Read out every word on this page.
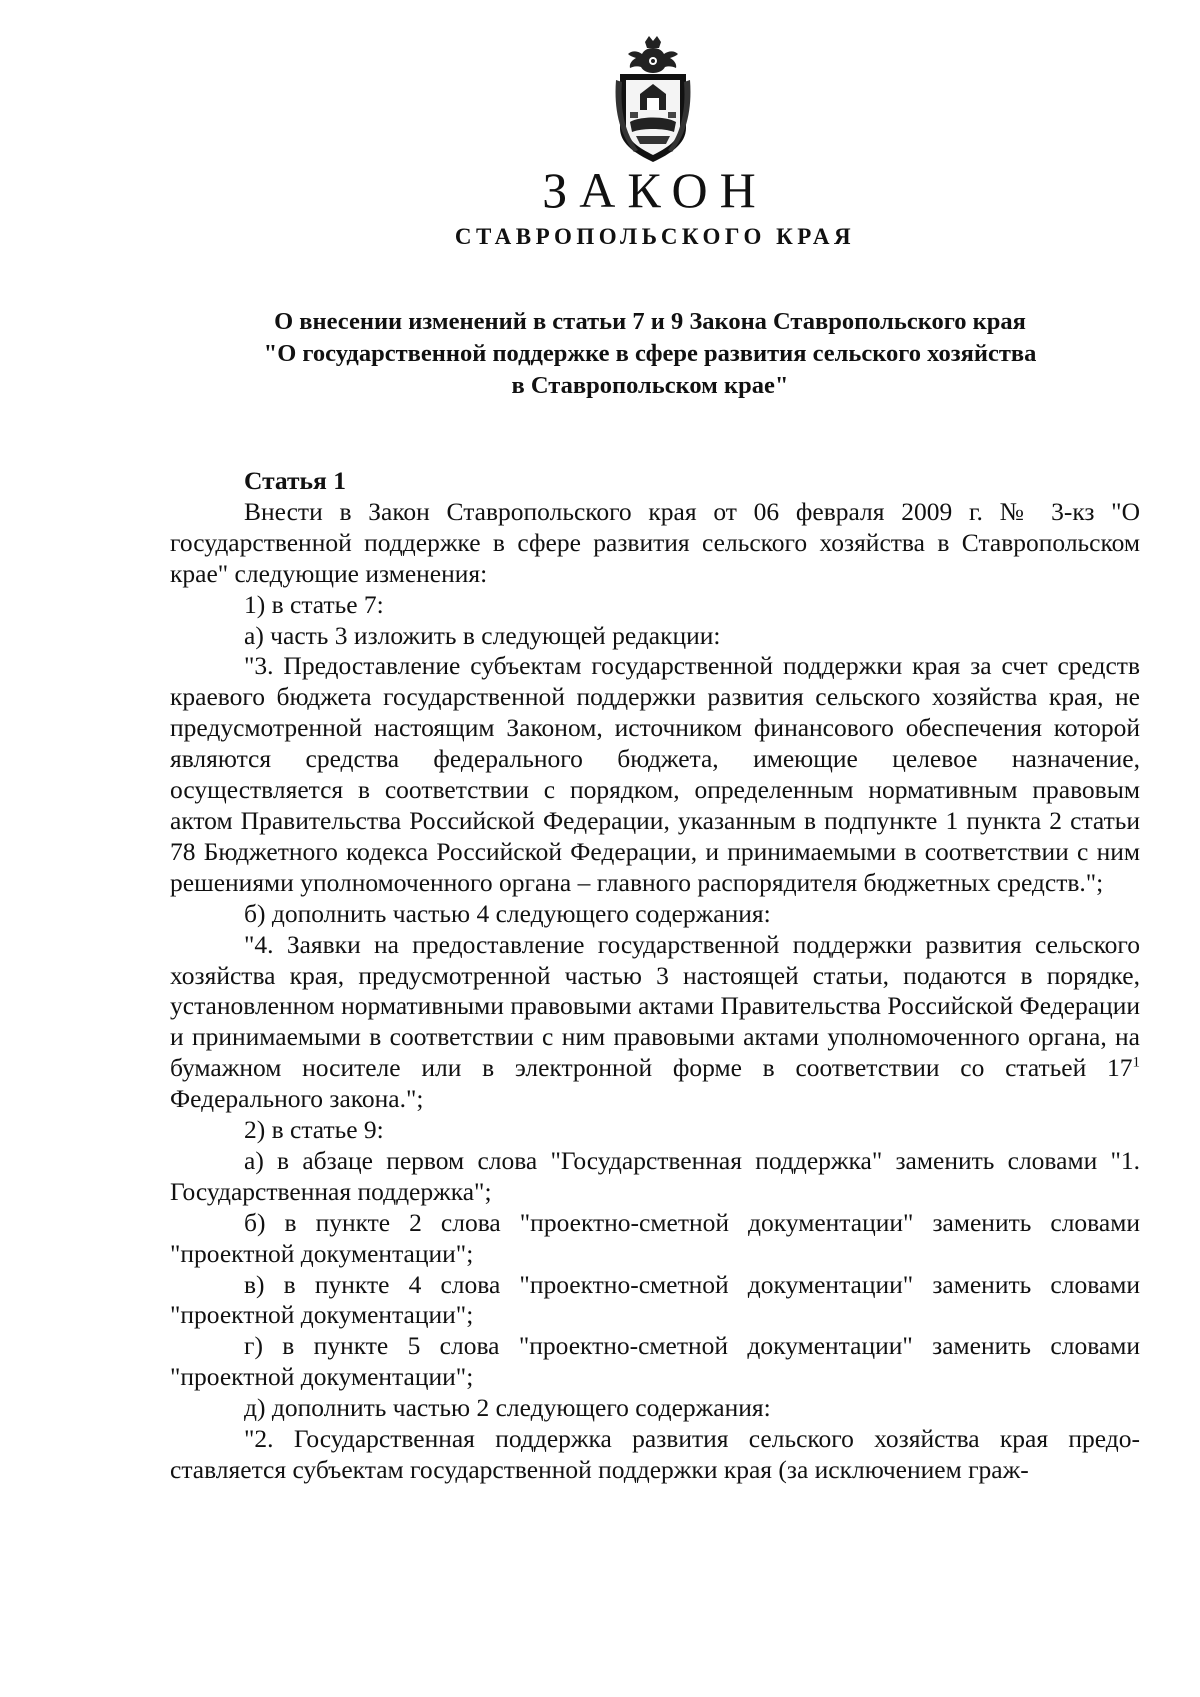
ЗАКОН
СТАВРОПОЛЬСКОГО КРАЯ
О внесении изменений в статьи 7 и 9 Закона Ставропольского края
"О государственной поддержке в сфере развития сельского хозяйства
в Ставропольском крае"

Статья 1

Внести в Закон Ставропольского края от 06 февраля 2009 г. № 3-кз "О государственной поддержке в сфере развития сельского хозяйства в Ставропольском крае" следующие изменения:

1) в статье 7:

а) часть 3 изложить в следующей редакции:

"3. Предоставление субъектам государственной поддержки края за счет средств краевого бюджета государственной поддержки развития сельского хозяйства края, не предусмотренной настоящим Законом, источником финансового обеспечения которой являются средства федерального бюджета, имеющие целевое назначение, осуществляется в соответствии с порядком, определенным нормативным правовым актом Правительства Российской Федерации, указанным в подпункте 1 пункта 2 статьи 78 Бюджетного кодекса Российской Федерации, и принимаемыми в соответствии с ним решениями уполномоченного органа – главного распорядителя бюджетных средств.";

б) дополнить частью 4 следующего содержания:

"4. Заявки на предоставление государственной поддержки развития сельского хозяйства края, предусмотренной частью 3 настоящей статьи, подаются в порядке, установленном нормативными правовыми актами Правительства Российской Федерации и принимаемыми в соответствии с ним правовыми актами уполномоченного органа, на бумажном носителе или в электронной форме в соответствии со статьей $17^1$ Федерального закона.";

2) в статье 9:

а) в абзаце первом слова "Государственная поддержка" заменить словами "1. Государственная поддержка";

б) в пункте 2 слова "проектно-сметной документации" заменить словами "проектной документации";

в) в пункте 4 слова "проектно-сметной документации" заменить словами "проектной документации";

г) в пункте 5 слова "проектно-сметной документации" заменить словами "проектной документации";

д) дополнить частью 2 следующего содержания:

"2. Государственная поддержка развития сельского хозяйства края предоставляется субъектам государственной поддержки края (за исключением граж-
